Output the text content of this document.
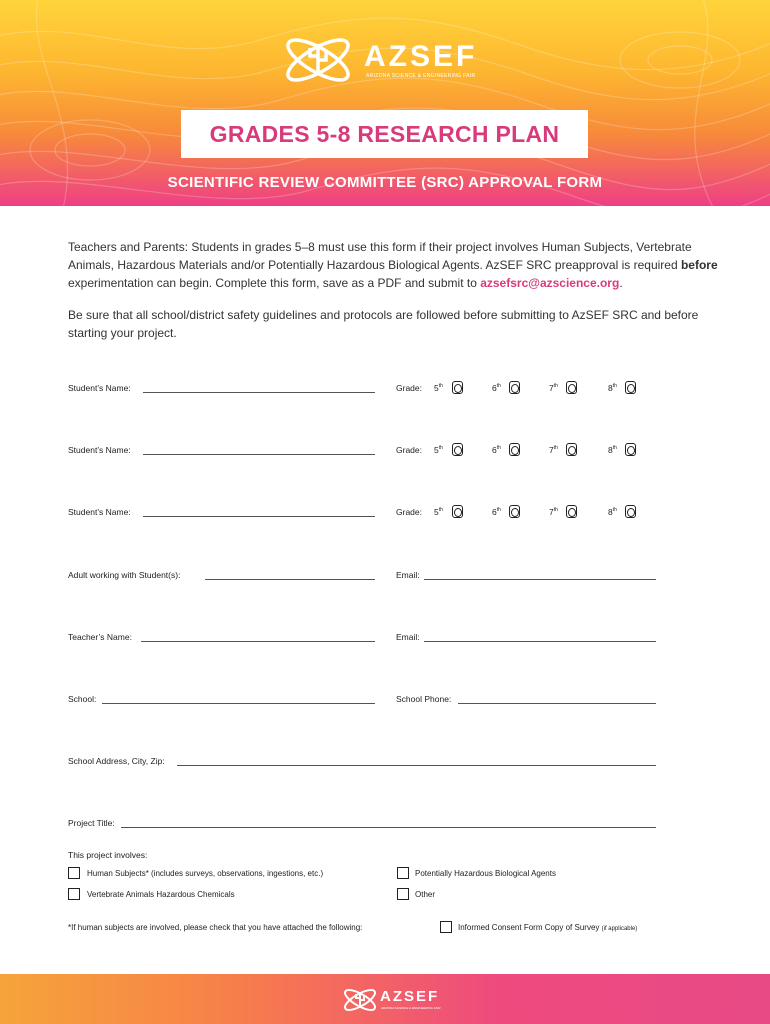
AZSEF
ARIZONA SCIENCE & ENGINEERING FAIR
GRADES 5-8 RESEARCH PLAN
SCIENTIFIC REVIEW COMMITTEE (SRC) APPROVAL FORM

Teachers and Parents: Students in grades 5–8 must use this form if their project involves Human Subjects, Vertebrate Animals, Hazardous Materials and/or Potentially Hazardous Biological Agents. AzSEF SRC preapproval is required before experimentation can begin. Complete this form, save as a PDF and submit to azsefsrc@azscience.org.

Be sure that all school/district safety guidelines and protocols are followed before submitting to AzSEF SRC and before starting your project.

Student’s Name:	Grade: 5th	6th	7th	8th
Student’s Name:	Grade: 5th	6th	7th	8th
Student’s Name:	Grade: 5th	6th	7th	8th
Adult working with Student(s):	Email:
Teacher’s Name:	Email:
School:	School Phone:
School Address, City, Zip:
Project Title:
This project involves:
Human Subjects* (includes surveys, observations, ingestions, etc.)	Potentially Hazardous Biological Agents
Vertebrate Animals Hazardous Chemicals	Other
*If human subjects are involved, please check that you have attached the following:	Informed Consent Form Copy of Survey (if applicable)
AZSEF
ARIZONA SCIENCE & ENGINEERING FAIR
